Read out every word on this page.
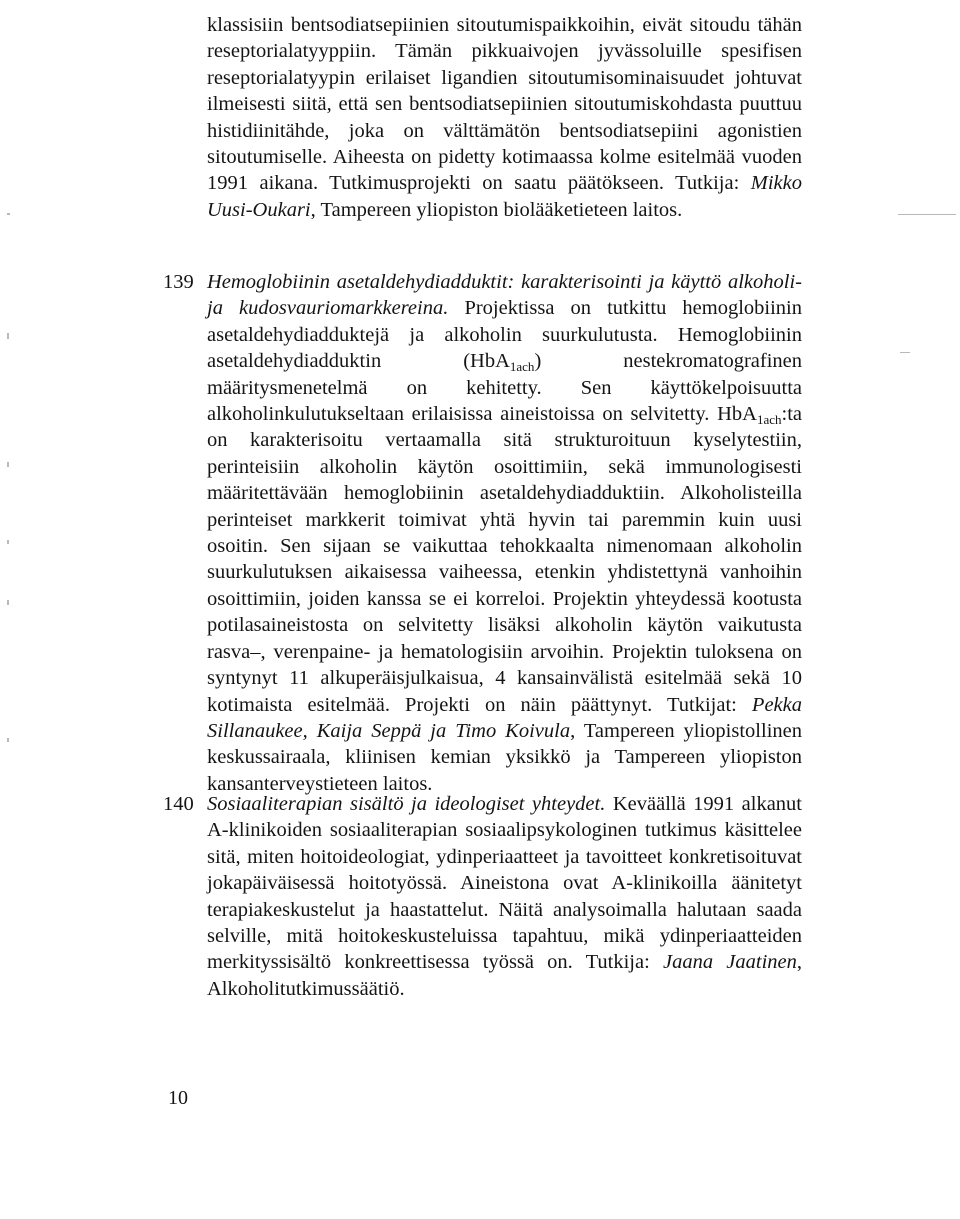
klassisiin bentsodiatsepiinien sitoutumispaikkoihin, eivät sitoudu tähän reseptorialatyyppiin. Tämän pikkuaivojen jyvässoluille spesifisen reseptorialatyypin erilaiset ligandien sitoutumisominaisuudet johtuvat ilmeisesti siitä, että sen bentsodiatsepiinien sitoutumiskohdasta puuttuu histidiinitähde, joka on välttämätön bentsodiatsepiini agonistien sitoutumiselle. Aiheesta on pidetty kotimaassa kolme esitelmää vuoden 1991 aikana. Tutkimusprojekti on saatu päätökseen. Tutkija: Mikko Uusi-Oukari, Tampereen yliopiston biolääketieteen laitos.
139 Hemoglobiinin asetaldehydiadduktit: karakterisointi ja käyttö alkoholi- ja kudosvauriomarkkereina. Projektissa on tutkittu hemoglobiinin asetaldehydiadduktejä ja alkoholin suurkulutusta. Hemoglobiinin asetaldehydiadduktin (HbA$_{1ach}$) nestekromatografinen määritysmenetelmä on kehitetty. Sen käyttökelpoisuutta alkoholinkulutukseltaan erilaisissa aineistoissa on selvitetty. HbA$_{1ach}$:ta on karakterisoitu vertaamalla sitä strukturoituun kyselytestiin, perinteisiin alkoholin käytön osoittimiin, sekä immunologisesti määritettävään hemoglobiinin asetaldehydiadduktiin. Alkoholisteilla perinteiset markkerit toimivat yhtä hyvin tai paremmin kuin uusi osoitin. Sen sijaan se vaikuttaa tehokkaalta nimenomaan alkoholin suurkulutuksen aikaisessa vaiheessa, etenkin yhdistettynä vanhoihin osoittimiin, joiden kanssa se ei korreloi. Projektin yhteydessä kootusta potilasaineistosta on selvitetty lisäksi alkoholin käytön vaikutusta rasva–, verenpaine- ja hematologisiin arvoihin. Projektin tuloksena on syntynyt 11 alkuperäisjulkaisua, 4 kansainvälistä esitelmää sekä 10 kotimaista esitelmää. Projekti on näin päättynyt. Tutkijat: Pekka Sillanaukee, Kaija Seppä ja Timo Koivula, Tampereen yliopistollinen keskussairaala, kliinisen kemian yksikkö ja Tampereen yliopiston kansanterveystieteen laitos.
140 Sosiaaliterapian sisältö ja ideologiset yhteydet. Keväällä 1991 alkanut A-klinikoiden sosiaaliterapian sosiaalipsykologinen tutkimus käsittelee sitä, miten hoitoideologiat, ydinperiaatteet ja tavoitteet konkretisoituvat jokapäiväisessä hoitotyössä. Aineistona ovat A-klinikoilla äänitetyt terapiakeskustelut ja haastattelut. Näitä analysoimalla halutaan saada selville, mitä hoitokeskusteluissa tapahtuu, mikä ydinperiaatteiden merkityssisältö konkreettisessa työssä on. Tutkija: Jaana Jaatinen, Alkoholitutkimussäätiö.
10
